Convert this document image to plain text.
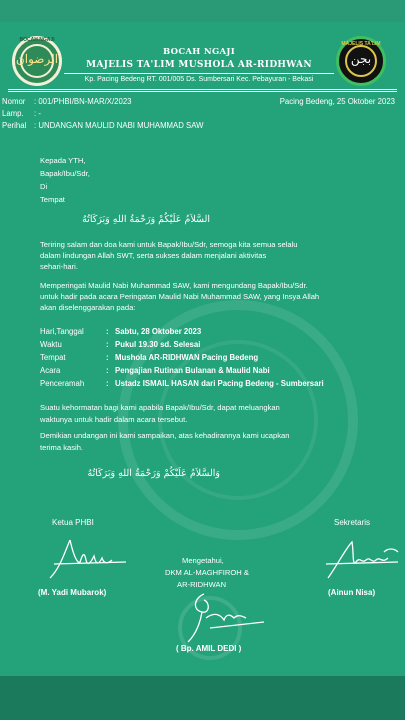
BOCAH NGAJI
الرضوان
MAJELIS TA'LIM
بجن
BOCAH NGAJI
MAJELIS TA'LIM MUSHOLA AR-RIDHWAN
Kp. Pacing Bedeng RT. 001/005 Ds. Sumbersari Kec. Pebayuran - Bekasi
Nomor : 001/PHBI/BN-MAR/X/2023
Lamp. : -
Perihal : UNDANGAN MAULID NABI MUHAMMAD SAW
Pacing Bedeng, 25 Oktober 2023
Kepada YTH,
Bapak/Ibu/Sdr,
Di
Tempat
السَّلاَمُ عَلَيْكُمْ وَرَحْمَةُ اللهِ وَبَرَكَاتُهُ
Teriring salam dan doa kami untuk Bapak/Ibu/Sdr, semoga kita semua selalu
dalam lindungan Allah SWT, serta sukses dalam menjalani aktivitas
sehari-hari.
Memperingati Maulid Nabi Muhammad SAW, kami mengundang Bapak/Ibu/Sdr.
untuk hadir pada acara Peringatan Maulid Nabi Muhammad SAW, yang Insya Allah
akan diselenggarakan pada:
Hari,Tanggal	: Sabtu, 28 Oktober 2023
Waktu	: Pukul 19.30 sd. Selesai
Tempat	: Mushola AR-RIDHWAN Pacing Bedeng
Acara	: Pengajian Rutinan Bulanan & Maulid Nabi
Penceramah	: Ustadz ISMAIL HASAN dari Pacing Bedeng - Sumbersari
Suatu kehormatan bagi kami apabila Bapak/Ibu/Sdr, dapat meluangkan
waktunya untuk hadir dalam acara tersebut.
Demikian undangan ini kami sampaikan, atas kehadirannya kami ucapkan
terima kasih.
وَالسَّلاَمُ عَلَيْكُمْ وَرَحْمَةُ اللهِ وَبَرَكَاتُهُ
Ketua PHBI
(M. Yadi Mubarok)
Sekretaris
(Ainun Nisa)
Mengetahui,
DKM AL-MAGHFIROH &
AR-RIDHWAN
( Bp. AMIL DEDI )
